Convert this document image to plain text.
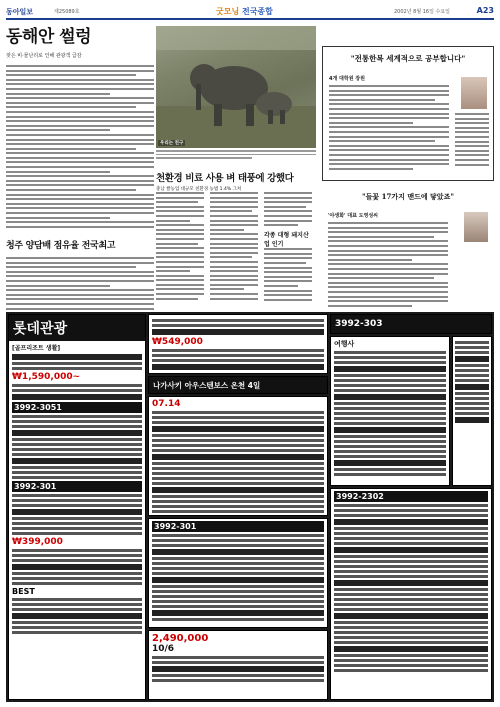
동아일보	제25089호	굿모닝 전국종합	2002년 8월 16일 수요일	A23
동해안 썰렁
잦은 비·물난리로 인해 관광객 급감
우리는 친구
천환경 비료 사용 벼 태풍에 강했다
충남 쌀농업 대규모 친환경 농법 1.4% 그쳐
각종 대형 돼지산업 인기
"전통한복 세계적으로 공부합니다"
4개 대학원 장원
"들꽃 17가지 맨드에 닿았죠"
'야생화' 대표 도영성씨
청주 양담배 점유율 전국최고
롯데관광
[골프리조트 생활]
₩1,590,000~
3992-3051
3992-301
₩399,000
BEST
₩549,000
나가사키 아우스텐보스 온천 4일
07.14
3992-301
2,490,000
10/6
3992-303
여행사
3992-2302
